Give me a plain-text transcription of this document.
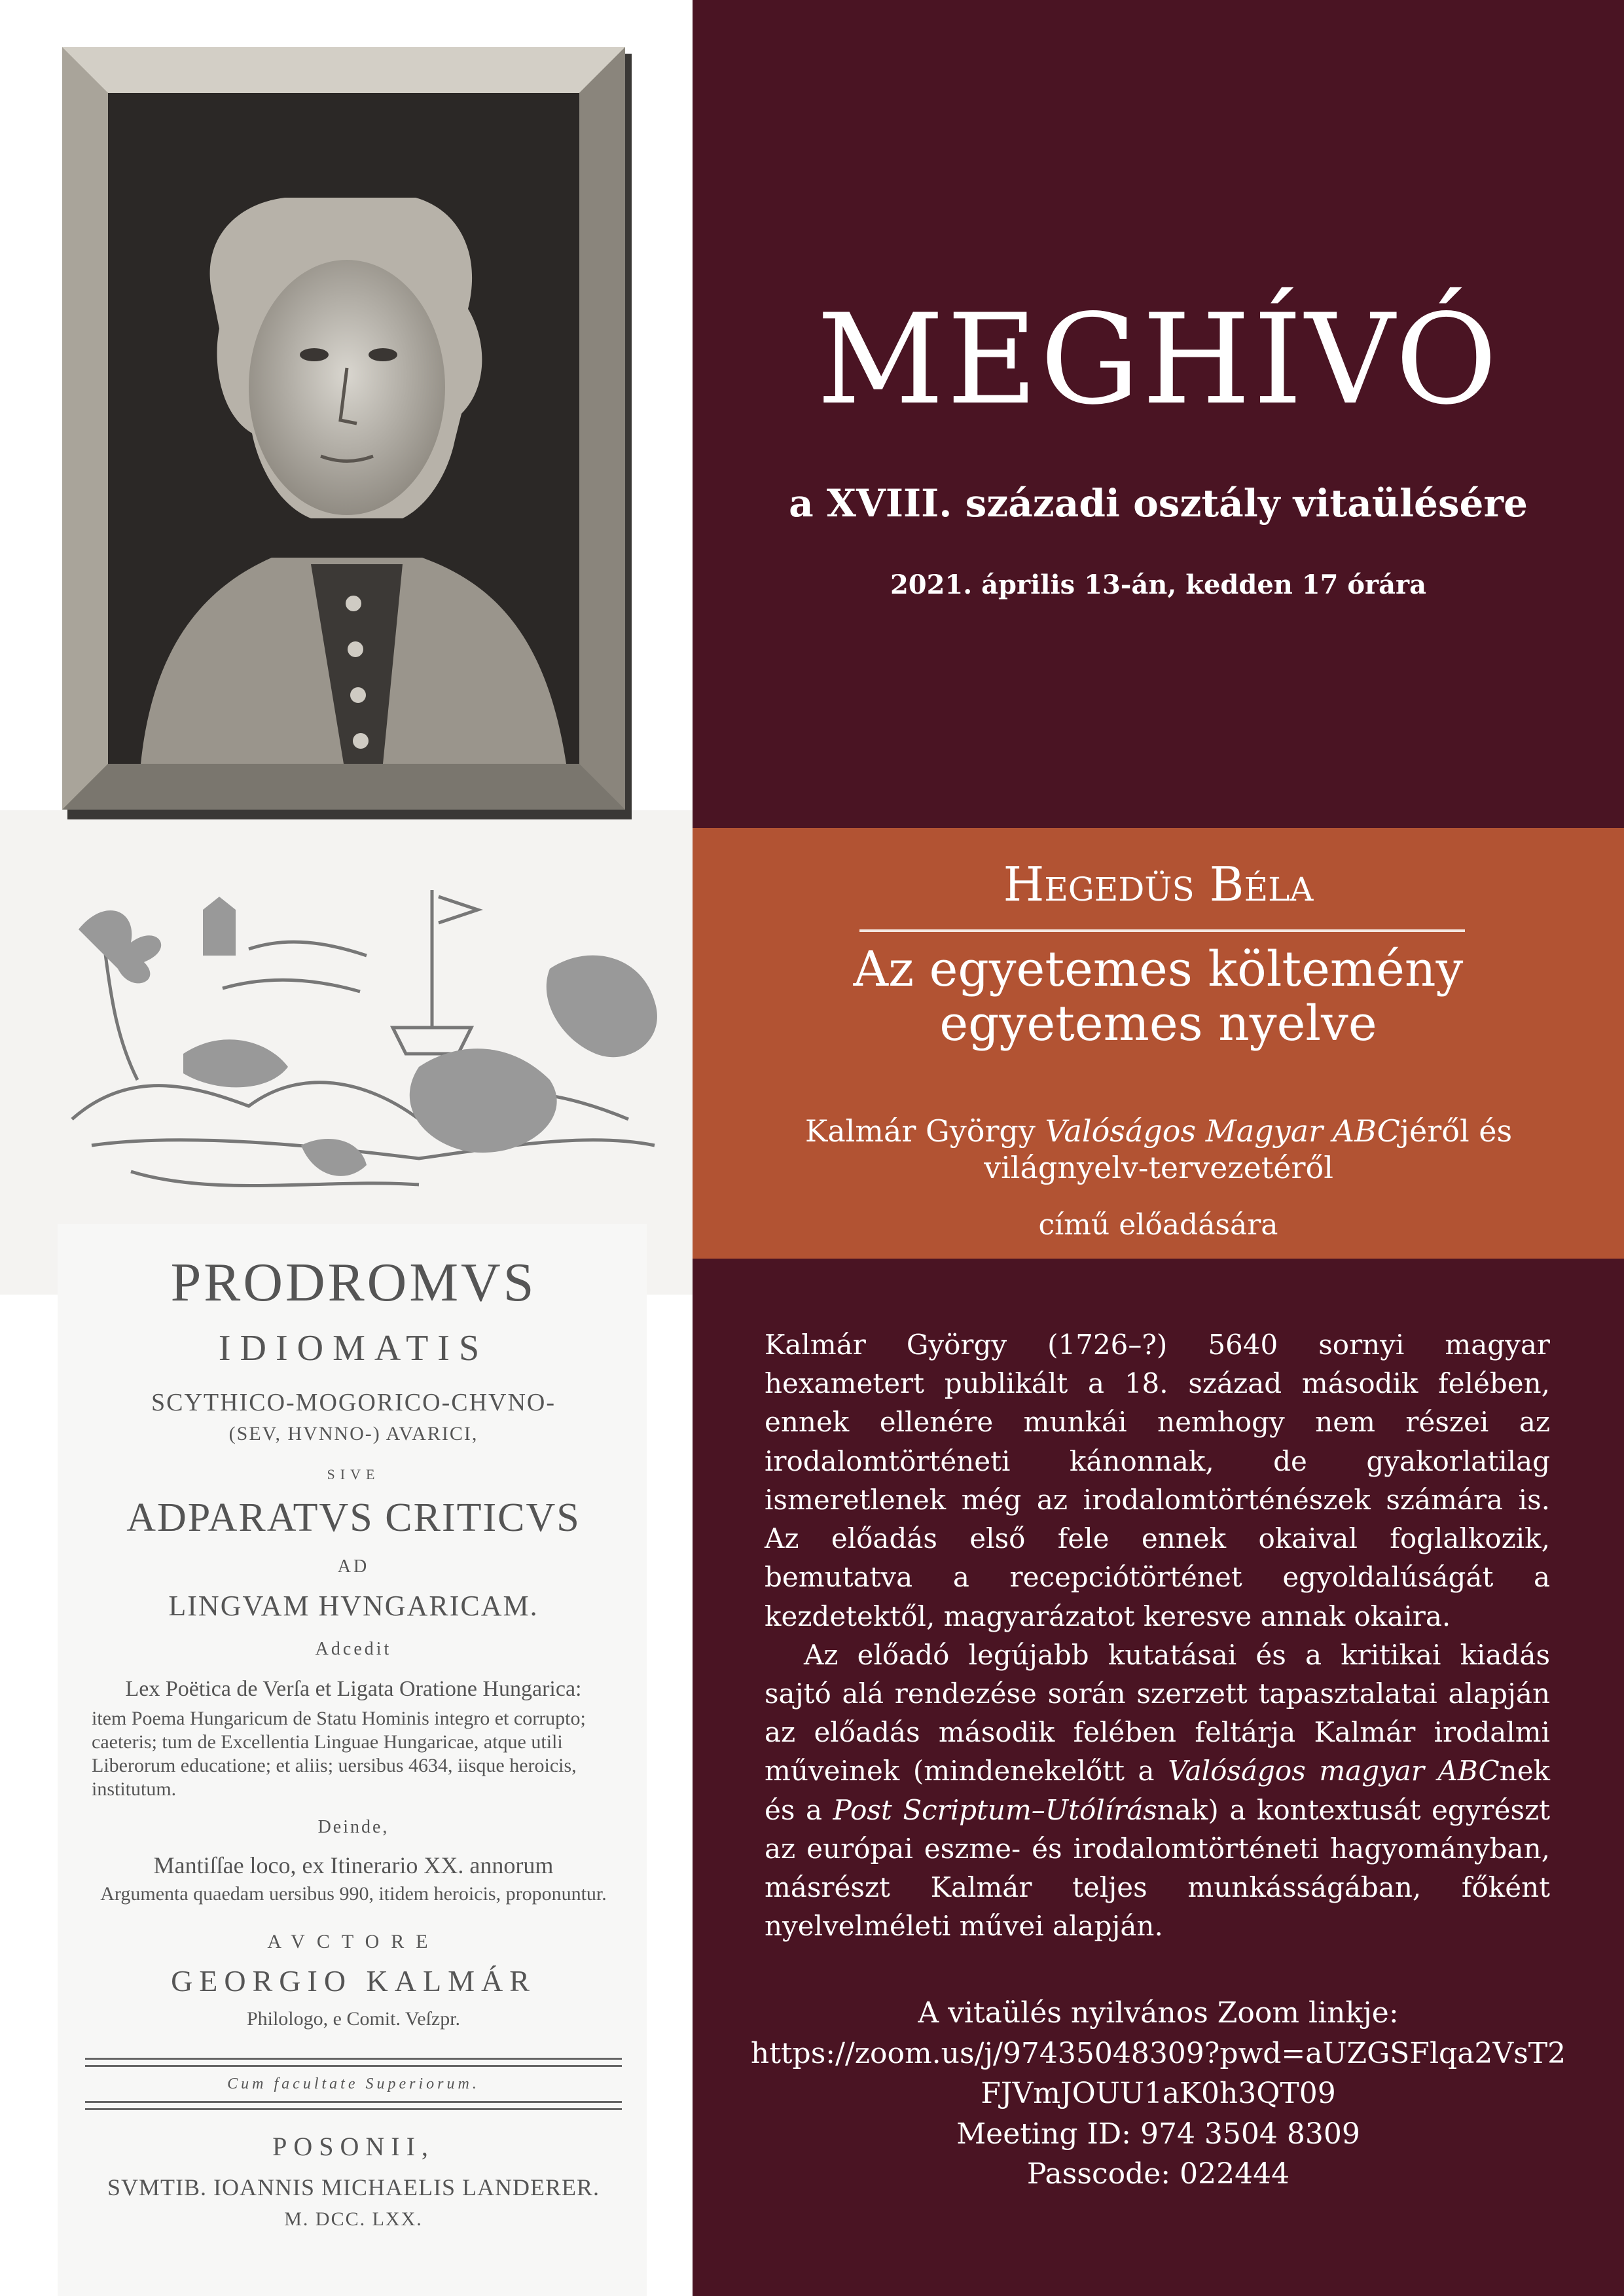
PRODROMVS
IDIOMATIS
SCYTHICO-MOGORICO-CHVNO-
(SEV, HVNNO-) AVARICI,
SIVE
ADPARATVS CRITICVS
AD
LINGVAM HVNGARICAM.
Adcedit
Lex Poëtica de Verſa et Ligata Oratione Hungarica:
item Poema Hungaricum de Statu Hominis integro et corrupto; caeteris; tum de Excellentia Linguae Hungaricae, atque utili Liberorum educatione; et aliis; uersibus 4634, iisque heroicis, institutum.
Deinde,
Mantiſſae loco, ex Itinerario XX. annorum
Argumenta quaedam uersibus 990, itidem heroicis, proponuntur.
AVCTORE
GEORGIO KALMÁR
Philologo, e Comit. Veſzpr.
Cum facultate Superiorum.
POSONII,
SVMTIB. IOANNIS MICHAELIS LANDERER.
M. DCC. LXX.
MEGHÍVÓ
a XVIII. századi osztály vitaülésére
2021. április 13-án, kedden 17 órára
Hegedüs Béla
Az egyetemes költemény
egyetemes nyelve
Kalmár György Valóságos Magyar ABCjéről és világnyelv-tervezetéről
című előadására

Kalmár György (1726–?) 5640 sornyi magyar hexametert publikált a 18. század második felében, ennek ellenére munkái nemhogy nem részei az irodalomtörténeti kánonnak, de gyakorlatilag ismeretlenek még az irodalomtörténészek számára is. Az előadás első fele ennek okaival foglalkozik, bemutatva a recepciótörténet egyoldalúságát a kezdetektől, magyarázatot keresve annak okaira.

Az előadó legújabb kutatásai és a kritikai kiadás sajtó alá rendezése során szerzett tapasztalatai alapján az előadás második felében feltárja Kalmár irodalmi műveinek (mindenekelőtt a Valóságos magyar ABCnek és a Post Scriptum–Utólírásnak) a kontextusát egyrészt az európai eszme- és irodalomtörténeti hagyományban, másrészt Kalmár teljes munkásságában, főként nyelvelméleti művei alapján.

A vitaülés nyilvános Zoom linkje:
https://zoom.us/j/97435048309?pwd=aUZGSFlqa2VsT2
FJVmJOUU1aK0h3QT09
Meeting ID: 974 3504 8309
Passcode: 022444
